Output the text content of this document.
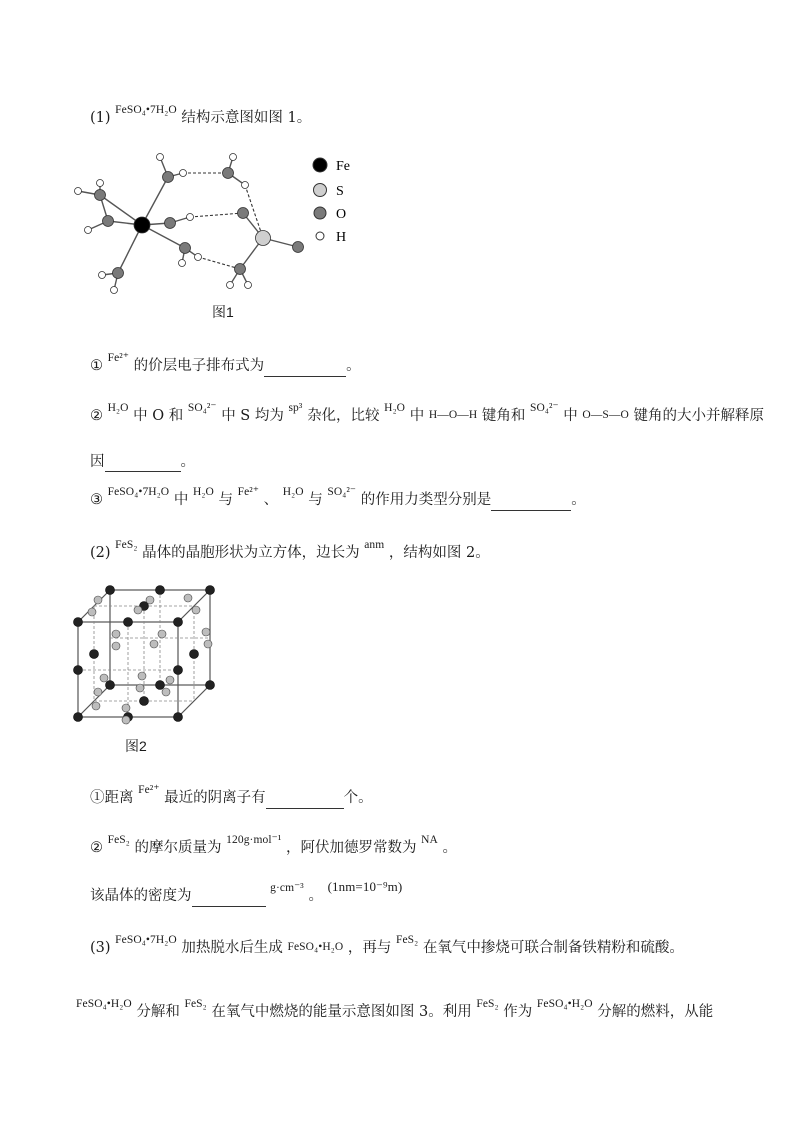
(1) $^{FeSO_4•7H_2O}$ 结构示意图如图 1。
Fe
S
O
H
图1
① $^{Fe^{2+}}$ 的价层电子排布式为	。
② $^{H_2O}$ 中 O 和 $^{SO_4^{2-}}$ 中 S 均为 $^{sp^3}$ 杂化，比较 $^{H_2O}$ 中 H—O—H 键角和 $^{SO_4^{2-}}$ 中 O—S—O 键角的大小并解释原
因	。
③ $^{FeSO_4•7H_2O}$ 中 $^{H_2O}$ 与 $^{Fe^{2+}}$ 、 $^{H_2O}$ 与 $^{SO_4^{2-}}$ 的作用力类型分别是	。
(2) $^{FeS_2}$ 晶体的晶胞形状为立方体，边长为 $^{anm}$ ，结构如图 2。
图2
①距离 $^{Fe^{2+}}$ 最近的阴离子有	个。
② $^{FeS_2}$ 的摩尔质量为 $^{120g\cdot mol^{-1}}$ ，阿伏加德罗常数为 $^{NA}$ 。
该晶体的密度为	$^{g\cdot cm^{-3}}$ 。 (1nm=10⁻⁹m)
(3) $^{FeSO_4•7H_2O}$ 加热脱水后生成 FeSO₄•H₂O ，再与 $^{FeS_2}$ 在氧气中掺烧可联合制备铁精粉和硫酸。
$^{FeSO_4•H_2O}$ 分解和 $^{FeS_2}$ 在氧气中燃烧的能量示意图如图 3。利用 $^{FeS_2}$ 作为 $^{FeSO_4•H_2O}$ 分解的燃料，从能
